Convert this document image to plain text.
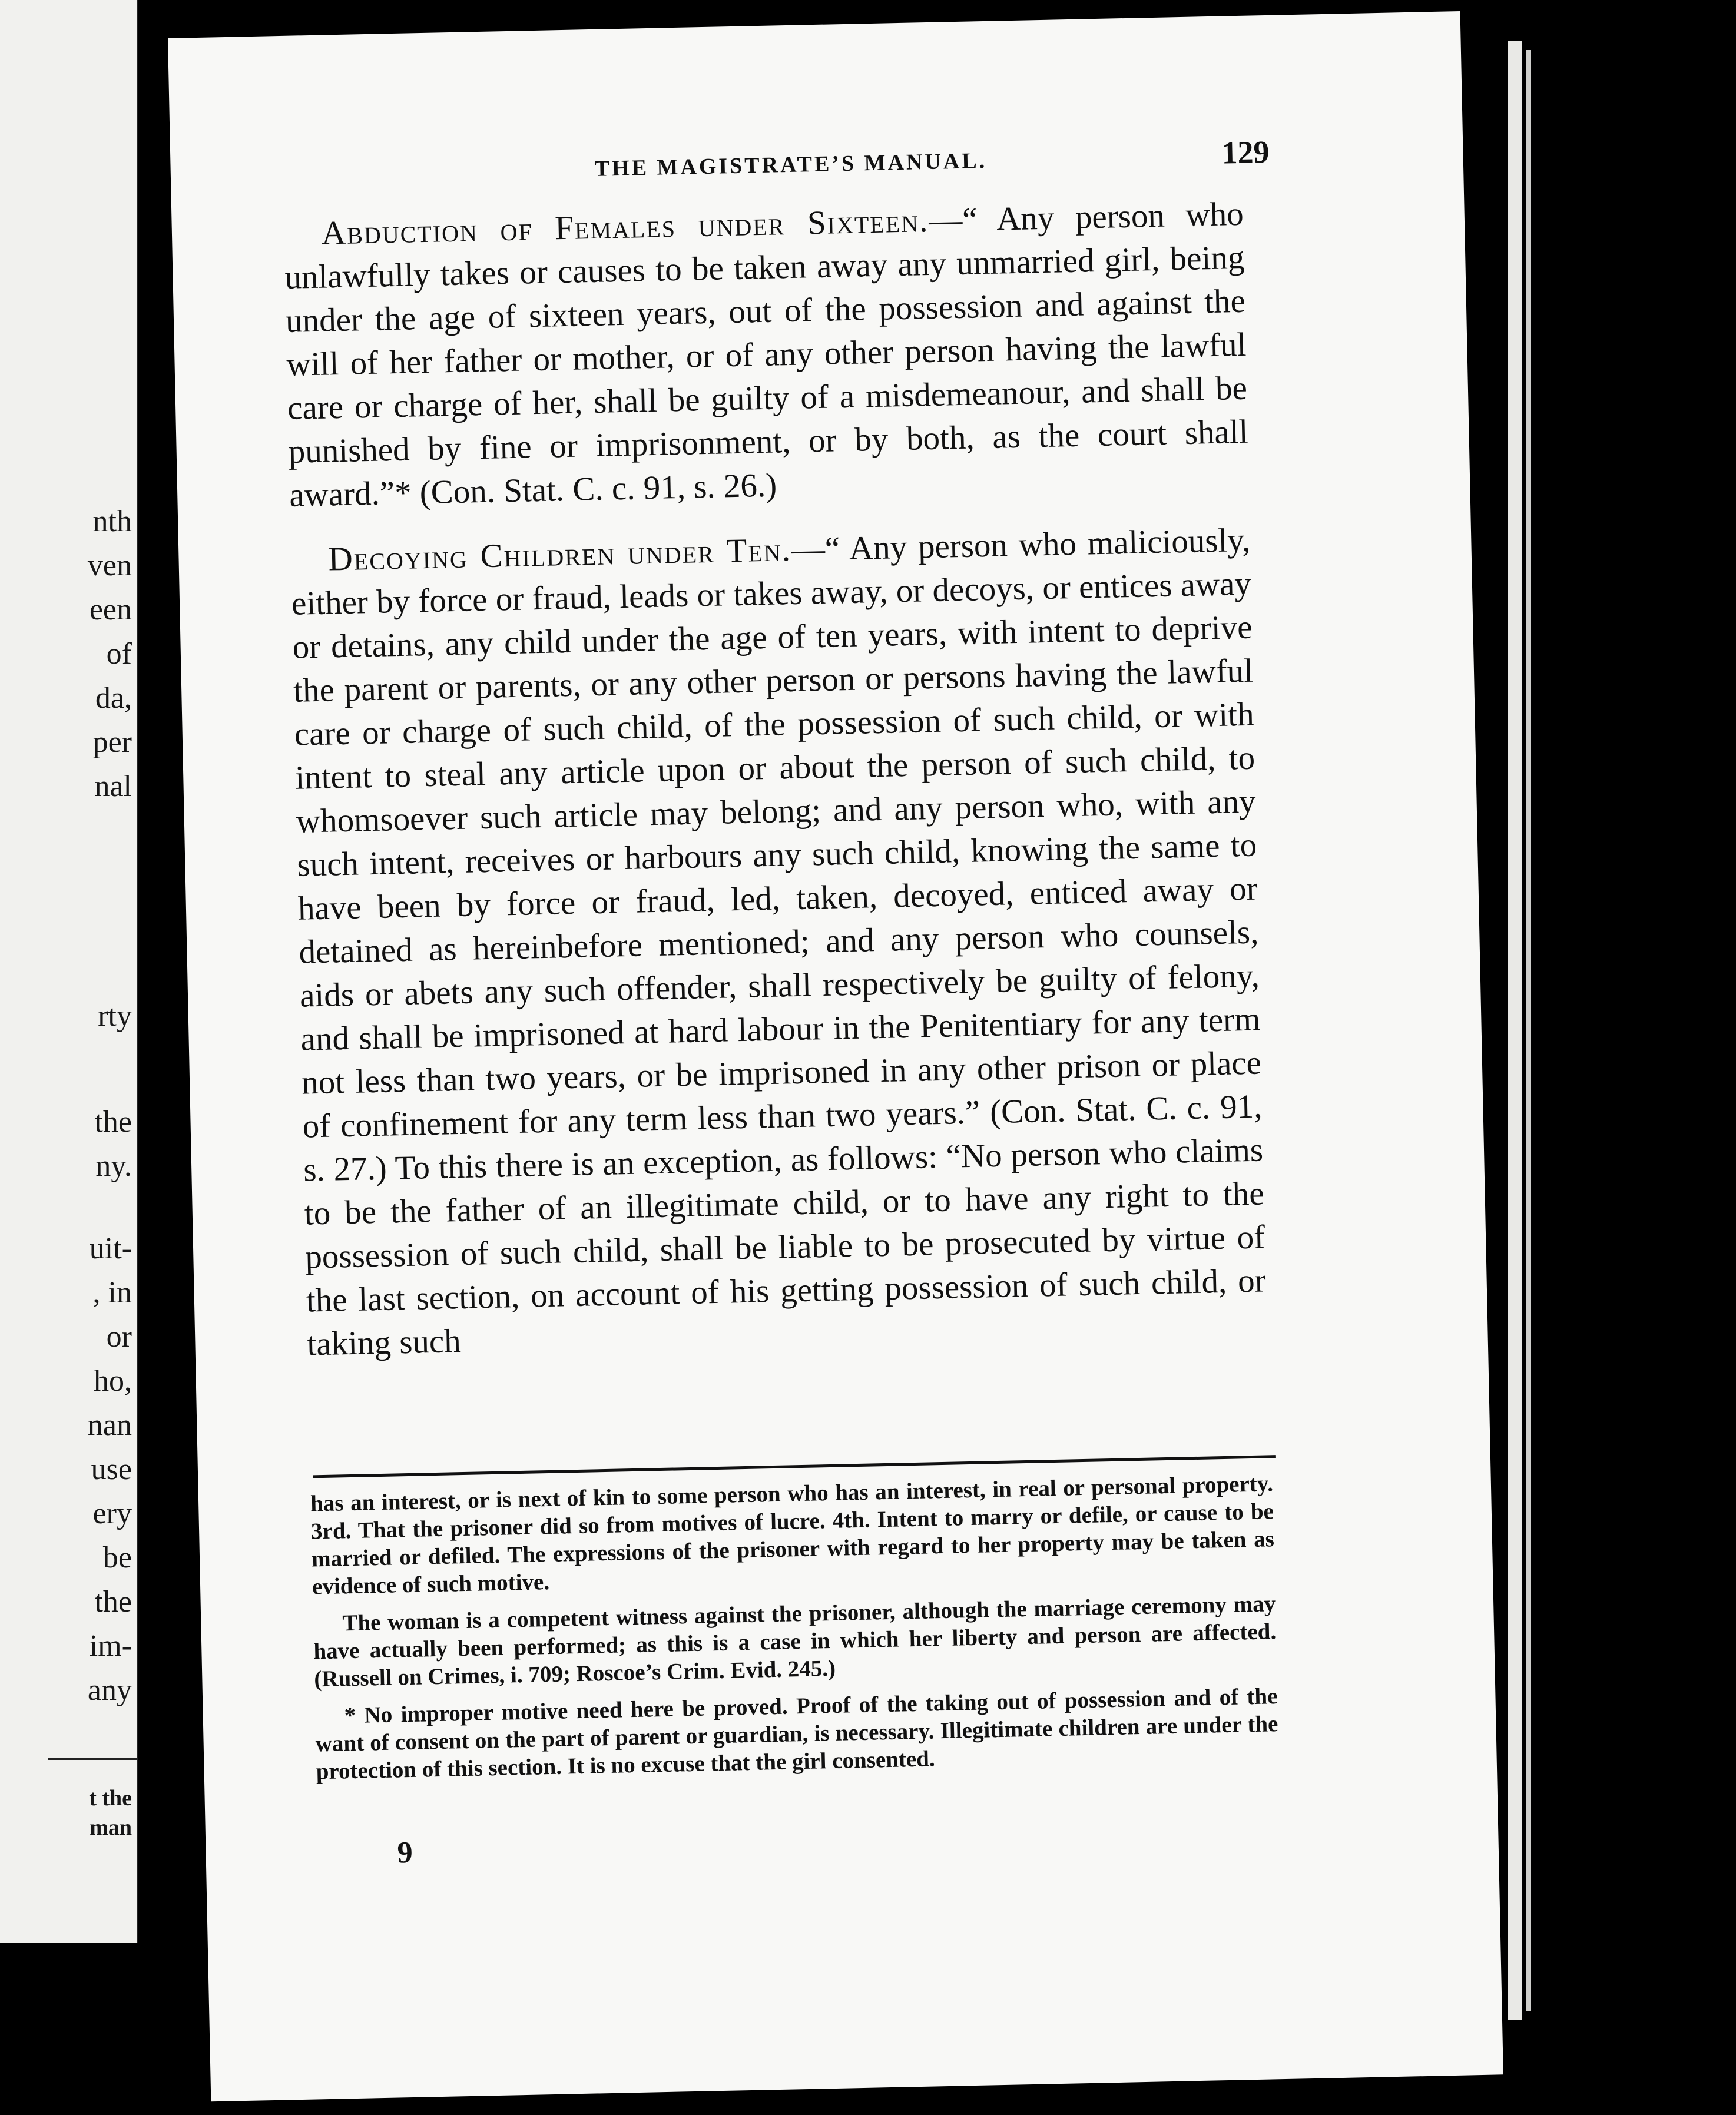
nth
ven
een
of
da,
per
nal
rty
the
ny.
uit-
, in
or
ho,
nan
use
ery
be
the
im-
any
t the
man
THE MAGISTRATE’S MANUAL.	129

Abduction of Females under Sixteen.—“ Any person who unlawfully takes or causes to be taken away any unmarried girl, being under the age of sixteen years, out of the possession and against the will of her father or mother, or of any other person having the lawful care or charge of her, shall be guilty of a misdemeanour, and shall be punished by fine or imprisonment, or by both, as the court shall award.”* (Con. Stat. C. c. 91, s. 26.)

Decoying Children under Ten.—“ Any person who maliciously, either by force or fraud, leads or takes away, or decoys, or entices away or detains, any child under the age of ten years, with intent to deprive the parent or parents, or any other person or persons having the lawful care or charge of such child, of the possession of such child, or with intent to steal any article upon or about the person of such child, to whomsoever such article may belong; and any person who, with any such intent, receives or harbours any such child, knowing the same to have been by force or fraud, led, taken, decoyed, enticed away or detained as hereinbefore mentioned; and any person who counsels, aids or abets any such offender, shall respectively be guilty of felony, and shall be imprisoned at hard labour in the Penitentiary for any term not less than two years, or be imprisoned in any other prison or place of confinement for any term less than two years.” (Con. Stat. C. c. 91, s. 27.) To this there is an exception, as follows: “No person who claims to be the father of an illegitimate child, or to have any right to the possession of such child, shall be liable to be prosecuted by virtue of the last section, on account of his getting possession of such child, or taking such

has an interest, or is next of kin to some person who has an interest, in real or personal property. 3rd. That the prisoner did so from motives of lucre. 4th. Intent to marry or defile, or cause to be married or defiled. The expressions of the prisoner with regard to her property may be taken as evidence of such motive.

The woman is a competent witness against the prisoner, although the marriage ceremony may have actually been performed; as this is a case in which her liberty and person are affected. (Russell on Crimes, i. 709; Roscoe’s Crim. Evid. 245.)

* No improper motive need here be proved. Proof of the taking out of possession and of the want of consent on the part of parent or guardian, is necessary. Illegitimate children are under the protection of this section. It is no excuse that the girl consented.

9
